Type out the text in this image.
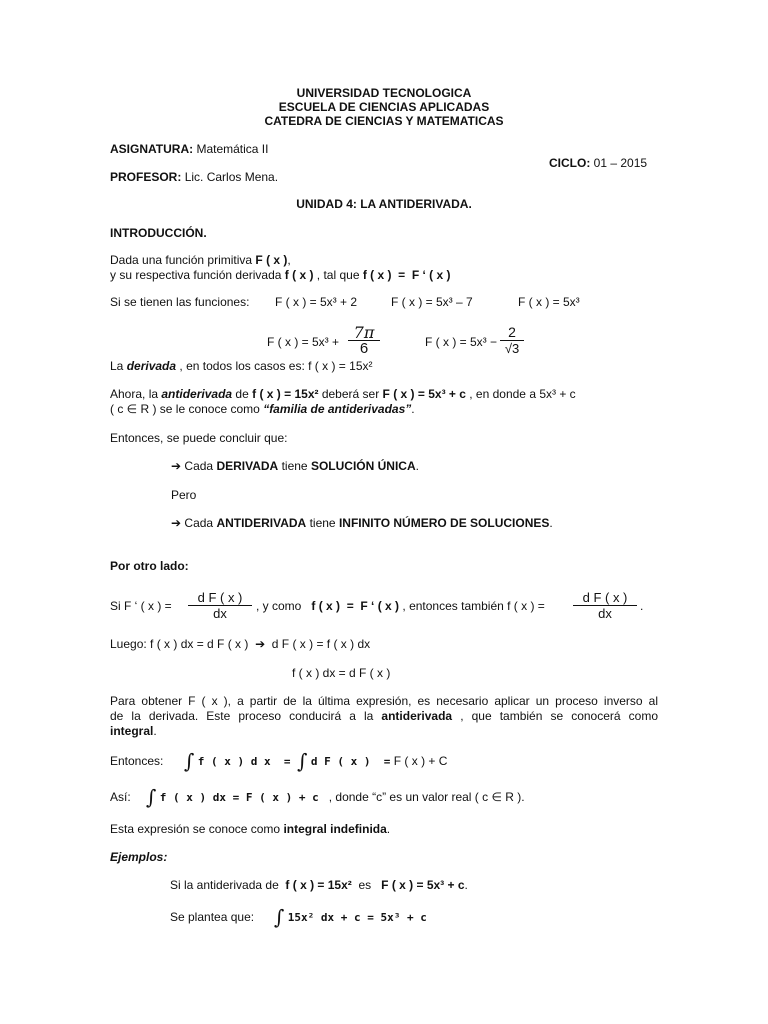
UNIVERSIDAD TECNOLOGICA
ESCUELA DE CIENCIAS APLICADAS
CATEDRA DE CIENCIAS Y MATEMATICAS
ASIGNATURA: Matemática II
CICLO: 01 – 2015
PROFESOR: Lic. Carlos Mena.
UNIDAD 4: LA ANTIDERIVADA.
INTRODUCCIÓN.
Dada una función primitiva F ( x ),
y su respectiva función derivada f ( x ) , tal que f ( x )  =  F ‘ ( x )
Si se tienen las funciones: F ( x ) = 5x³ + 2	F ( x ) = 5x³ – 7	F ( x ) = 5x³
F ( x ) = $5x^3 + \frac{7\pi}{6}$	F ( x ) = $5x^3 - \frac{2}{√3}$
La derivada , en todos los casos es: f ( x ) = 15x²
Ahora, la antiderivada de f ( x ) = 15x² deberá ser F ( x ) = 5x³ + c , en donde a 5x³ + c
( c ∈ R ) se le conoce como “familia de antiderivadas”.
Entonces, se puede concluir que:
➔ Cada DERIVADA tiene SOLUCIÓN ÚNICA.
Pero
➔ Cada ANTIDERIVADA tiene INFINITO NÚMERO DE SOLUCIONES.
Por otro lado:
Si F ‘ ( x ) = $\frac{\text{d F ( x )}}{dx}$ , y como f ( x )  =  F ‘ ( x ) , entonces también f ( x ) = $\frac{\text{d F ( x )}}{dx}$ .
Luego: f ( x ) dx = d F ( x ) ➔ d F ( x ) = f ( x ) dx
f ( x ) dx = d F ( x )
Para obtener F ( x ), a partir de la última expresión, es necesario aplicar un proceso inverso al
de la derivada. Este proceso conducirá a la antiderivada , que también se conocerá como
integral.
Entonces: ∫ f ( x ) d x  = ∫ d F ( x )  = F ( x ) + C
Así: ∫ f ( x ) dx = F ( x ) + c , donde “c” es un valor real ( c ∈ R ).
Esta expresión se conoce como integral indefinida.
Ejemplos:
Si la antiderivada de f ( x ) = 15x² es F ( x ) = 5x³ + c.
Se plantea que: ∫ 15x² dx + c = 5x³ + c
